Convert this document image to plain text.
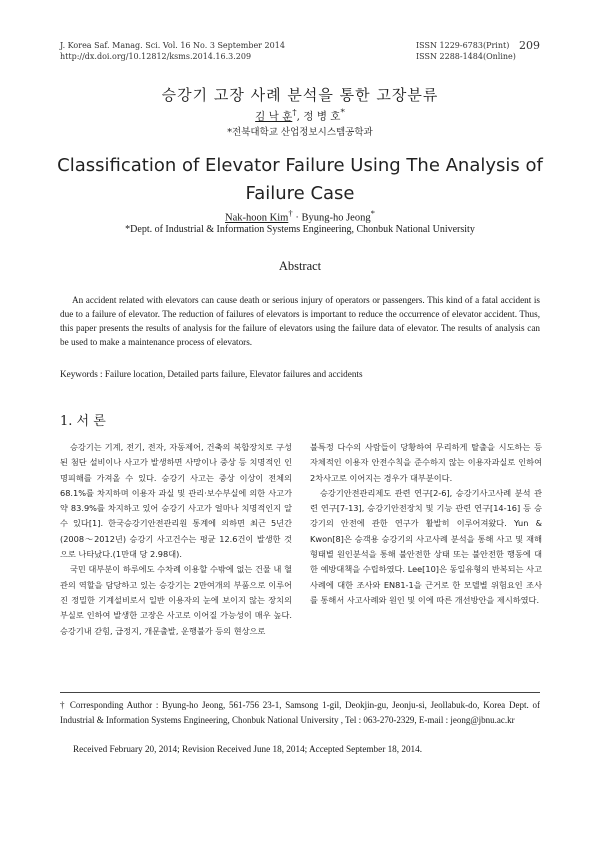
J. Korea Saf. Manag. Sci. Vol. 16 No. 3 September 2014
http://dx.doi.org/10.12812/ksms.2014.16.3.209
ISSN 1229-6783(Print)
ISSN 2288-1484(Online)
209
승강기 고장 사례 분석을 통한 고장분류
김 낙 훈†, 정 병 호*
*전북대학교 산업정보시스템공학과
Classification of Elevator Failure Using The Analysis of Failure Case
Nak-hoon Kim† · Byung-ho Jeong*
*Dept. of Industrial & Information Systems Engineering, Chonbuk National University
Abstract
An accident related with elevators can cause death or serious injury of operators or passengers. This kind of a fatal accident is due to a failure of elevator. The reduction of failures of elevators is important to reduce the occurrence of elevator accident. Thus, this paper presents the results of analysis for the failure of elevators using the failure data of elevator. The results of analysis can be used to make a maintenance process of elevators.
Keywords : Failure location, Detailed parts failure, Elevator failures and accidents
1. 서 론

승강기는 기계, 전기, 전자, 자동제어, 건축의 복합장치로 구성된 첨단 설비이나 사고가 발생하면 사망이나 중상 등 치명적인 인명피해를 가져올 수 있다. 승강기 사고는 중상 이상이 전체의 68.1%를 차지하며 이용자 과실 및 관리·보수부실에 의한 사고가 약 83.9%를 차지하고 있어 승강기 사고가 얼마나 치명적인지 알 수 있다[1]. 한국승강기안전관리원 통계에 의하면 최근 5년간(2008～2012년) 승강기 사고건수는 평균 12.6건이 발생한 것으로 나타났다.(1만대 당 2.98대).

국민 대부분이 하루에도 수차례 이용할 수밖에 없는 건물 내 혈관의 역할을 담당하고 있는 승강기는 2만여개의 부품으로 이루어진 정밀한 기계설비로서 일반 이용자의 눈에 보이지 않는 장치의 부실로 인하여 발생한 고장은 사고로 이어질 가능성이 매우 높다. 승강기내 갇힘, 급정지, 개문출발, 운행불가 등의 현상으로

불특정 다수의 사람들이 당황하여 무리하게 탈출을 시도하는 등 자체적인 이용자 안전수칙을 준수하지 않는 이용자과실로 인하여 2차사고로 이어지는 경우가 대부분이다.

승강기안전관리제도 관련 연구[2-6], 승강기사고사례 분석 관련 연구[7-13], 승강기안전장치 및 기능 관련 연구[14-16] 등 승강기의 안전에 관한 연구가 활발히 이루어져왔다. Yun & Kwon[8]은 승객용 승강기의 사고사례 분석을 통해 사고 및 재해 형태별 원인분석을 통해 불안전한 상태 또는 불안전한 행동에 대한 예방대책을 수립하였다. Lee[10]은 동일유형의 반복되는 사고사례에 대한 조사와 EN81-1을 근거로 한 모델별 위험요인 조사를 통해서 사고사례와 원인 및 이에 따른 개선방안을 제시하였다.

† Corresponding Author : Byung-ho Jeong, 561-756 23-1, Samsong 1-gil, Deokjin-gu, Jeonju-si, Jeollabuk-do, Korea Dept. of Industrial & Information Systems Engineering, Chonbuk National University , Tel : 063-270-2329, E-mail : jeong@jbnu.ac.kr
Received February 20, 2014; Revision Received June 18, 2014; Accepted September 18, 2014.
